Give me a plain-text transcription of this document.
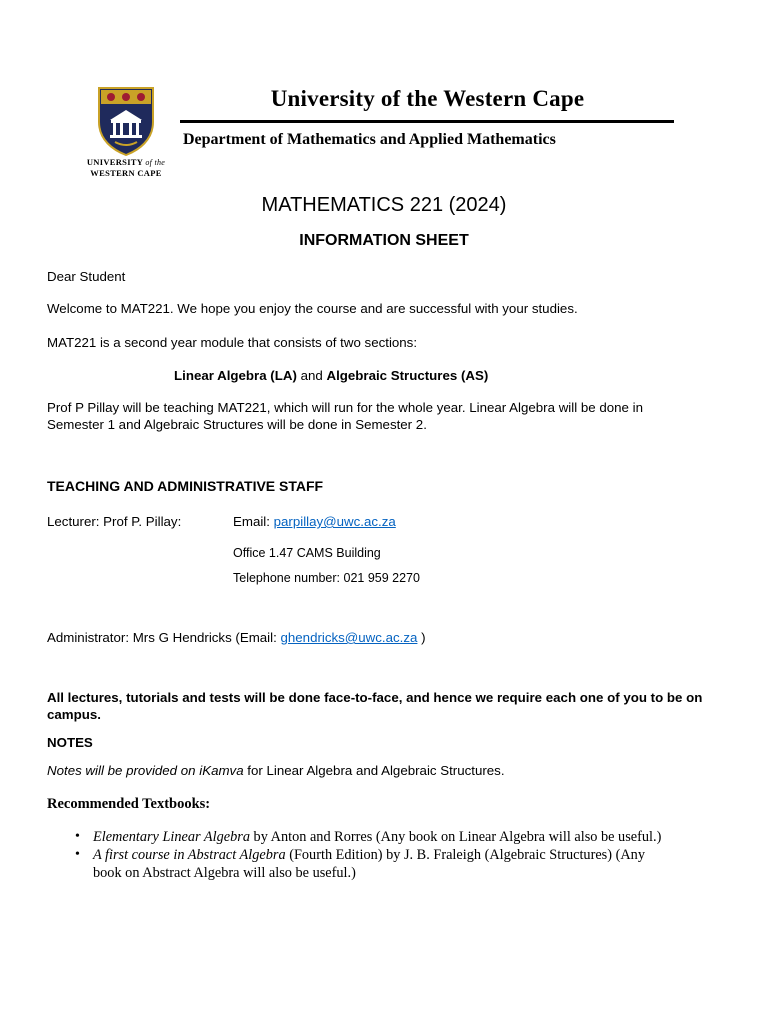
UNIVERSITY of the
WESTERN CAPE
University of the Western Cape
Department of Mathematics and Applied Mathematics
MATHEMATICS 221 (2024)
INFORMATION SHEET
Dear Student
Welcome to MAT221. We hope you enjoy the course and are successful with your studies.
MAT221 is a second year module that consists of two sections:
Linear Algebra (LA) and Algebraic Structures (AS)
Prof P Pillay will be teaching MAT221, which will run for the whole year. Linear Algebra will be done in
Semester 1 and Algebraic Structures will be done in Semester 2.
TEACHING AND ADMINISTRATIVE STAFF
Lecturer: Prof P. Pillay:	Email: parpillay@uwc.ac.za
Office 1.47 CAMS Building
Telephone number: 021 959 2270
Administrator: Mrs G Hendricks (Email: ghendricks@uwc.ac.za )
All lectures, tutorials and tests will be done face-to-face, and hence we require each one of you to be on
campus.
NOTES
Notes will be provided on iKamva for Linear Algebra and Algebraic Structures.
Recommended Textbooks:
• Elementary Linear Algebra by Anton and Rorres (Any book on Linear Algebra will also be useful.)
• A first course in Abstract Algebra (Fourth Edition) by J. B. Fraleigh (Algebraic Structures) (Any
book on Abstract Algebra will also be useful.)
